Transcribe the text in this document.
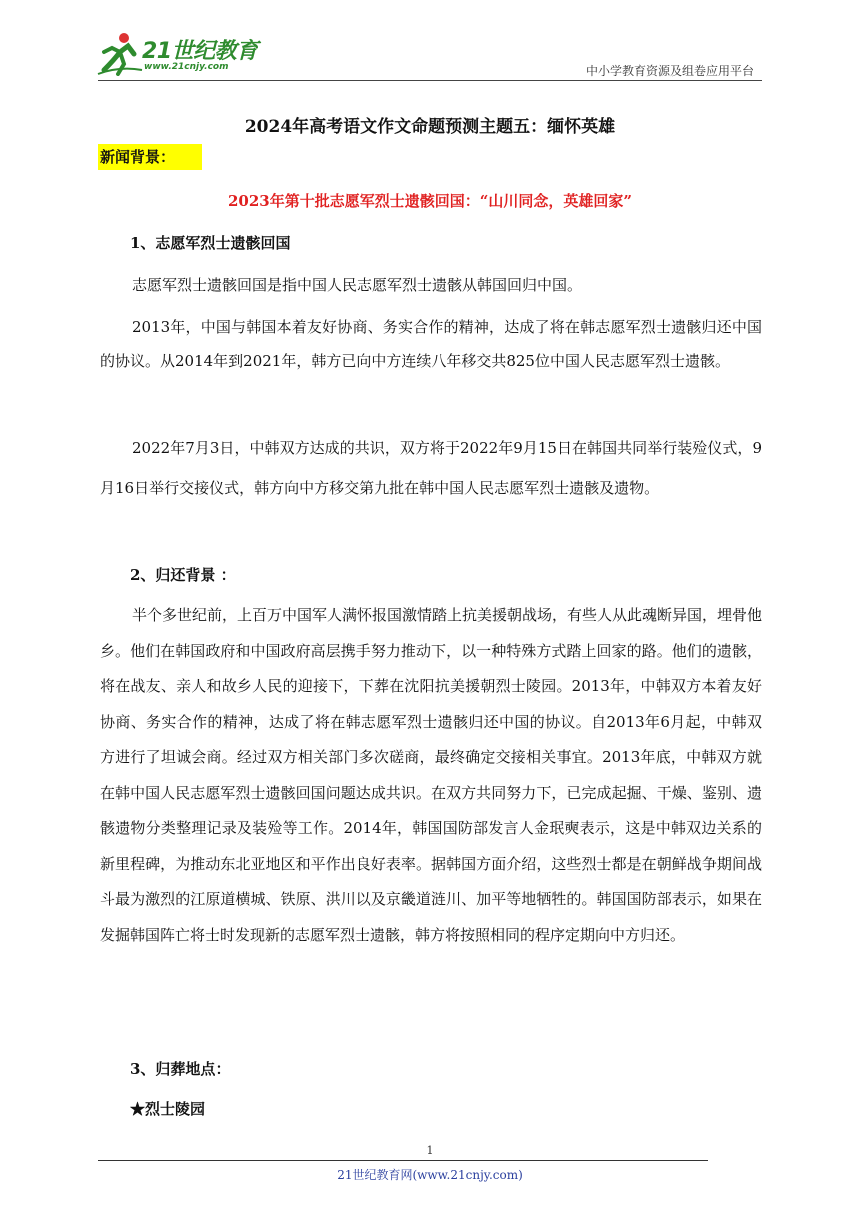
21世纪教育
www.21cnjy.com	中小学教育资源及组卷应用平台
2024年高考语文作文命题预测主题五：缅怀英雄
新闻背景：
2023年第十批志愿军烈士遗骸回国：“山川同念，英雄回家”
1、志愿军烈士遗骸回国

志愿军烈士遗骸回国是指中国人民志愿军烈士遗骸从韩国回归中国。

2013年，中国与韩国本着友好协商、务实合作的精神，达成了将在韩志愿军烈士遗骸归还中国的协议。从2014年到2021年，韩方已向中方连续八年移交共825位中国人民志愿军烈士遗骸。

2022年7月3日，中韩双方达成的共识，双方将于2022年9月15日在韩国共同举行装殓仪式，9月16日举行交接仪式，韩方向中方移交第九批在韩中国人民志愿军烈士遗骸及遗物。

2、归还背景 ：

半个多世纪前，上百万中国军人满怀报国激情踏上抗美援朝战场，有些人从此魂断异国，埋骨他乡。他们在韩国政府和中国政府高层携手努力推动下，以一种特殊方式踏上回家的路。他们的遗骸，将在战友、亲人和故乡人民的迎接下，下葬在沈阳抗美援朝烈士陵园。2013年，中韩双方本着友好协商、务实合作的精神，达成了将在韩志愿军烈士遗骸归还中国的协议。自2013年6月起，中韩双方进行了坦诚会商。经过双方相关部门多次磋商，最终确定交接相关事宜。2013年底，中韩双方就在韩中国人民志愿军烈士遗骸回国问题达成共识。在双方共同努力下，已完成起掘、干燥、鉴别、遗骸遗物分类整理记录及装殓等工作。2014年，韩国国防部发言人金珉奭表示，这是中韩双边关系的新里程碑，为推动东北亚地区和平作出良好表率。据韩国方面介绍，这些烈士都是在朝鲜战争期间战斗最为激烈的江原道横城、铁原、洪川以及京畿道涟川、加平等地牺牲的。韩国国防部表示，如果在发掘韩国阵亡将士时发现新的志愿军烈士遗骸，韩方将按照相同的程序定期向中方归还。

3、归葬地点：
★烈士陵园
1
21世纪教育网(www.21cnjy.com)
